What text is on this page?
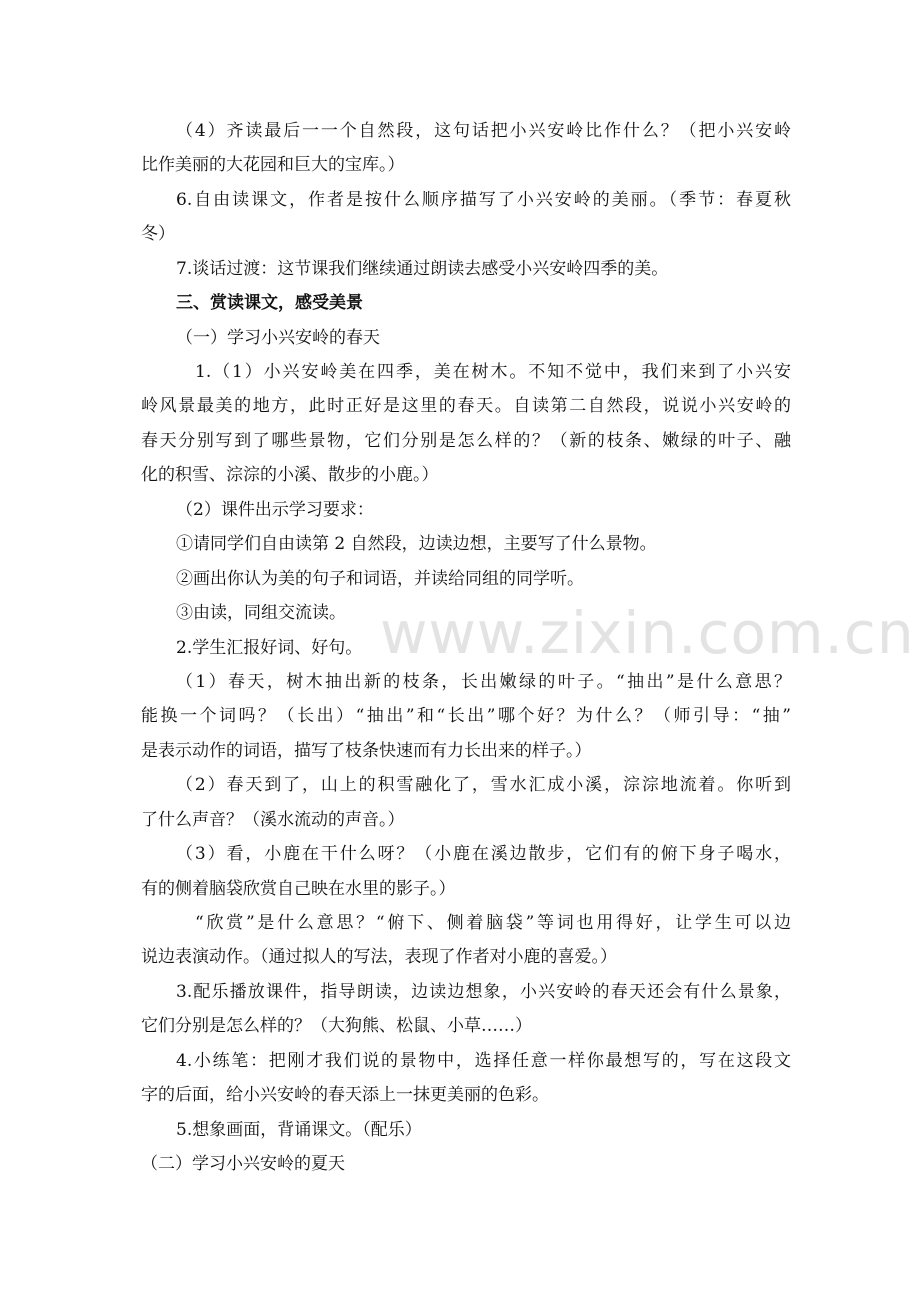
www.zixin.com.cn
（4）齐读最后一一个自然段，这句话把小兴安岭比作什么？（把小兴安岭
比作美丽的大花园和巨大的宝库。）
6.自由读课文，作者是按什么顺序描写了小兴安岭的美丽。（季节：春夏秋
冬）
7.谈话过渡：这节课我们继续通过朗读去感受小兴安岭四季的美。
三、赏读课文，感受美景
（一）学习小兴安岭的春天
1.（1）小兴安岭美在四季，美在树木。不知不觉中，我们来到了小兴安
岭风景最美的地方，此时正好是这里的春天。自读第二自然段，说说小兴安岭的
春天分别写到了哪些景物，它们分别是怎么样的？（新的枝条、嫩绿的叶子、融
化的积雪、淙淙的小溪、散步的小鹿。）
（2）课件出示学习要求：
①请同学们自由读第 2 自然段，边读边想，主要写了什么景物。
②画出你认为美的句子和词语，并读给同组的同学听。
③由读，同组交流读。
2.学生汇报好词、好句。
（1）春天，树木抽出新的枝条，长出嫩绿的叶子。“抽出”是什么意思？
能换一个词吗？（长出）“抽出”和“长出”哪个好？为什么？（师引导：“抽”
是表示动作的词语，描写了枝条快速而有力长出来的样子。）
（2）春天到了，山上的积雪融化了，雪水汇成小溪，淙淙地流着。你听到
了什么声音？（溪水流动的声音。）
（3）看，小鹿在干什么呀？（小鹿在溪边散步，它们有的俯下身子喝水，
有的侧着脑袋欣赏自己映在水里的影子。）
“欣赏”是什么意思？“俯下、侧着脑袋”等词也用得好，让学生可以边
说边表演动作。（通过拟人的写法，表现了作者对小鹿的喜爱。）
3.配乐播放课件，指导朗读，边读边想象，小兴安岭的春天还会有什么景象，
它们分别是怎么样的？（大狗熊、松鼠、小草……）
4.小练笔：把刚才我们说的景物中，选择任意一样你最想写的，写在这段文
字的后面，给小兴安岭的春天添上一抹更美丽的色彩。
5.想象画面，背诵课文。（配乐）
（二）学习小兴安岭的夏天
